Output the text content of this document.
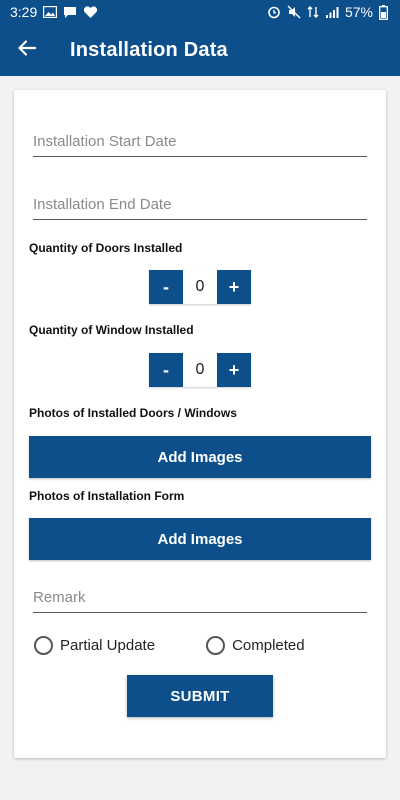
3:29	57%
Installation Data
Installation Start Date
Installation End Date
Quantity of Doors Installed
-	0	+
Quantity of Window Installed
-	0	+
Photos of Installed Doors / Windows
Add Images
Photos of Installation Form
Add Images
Remark
Partial Update	Completed
SUBMIT
